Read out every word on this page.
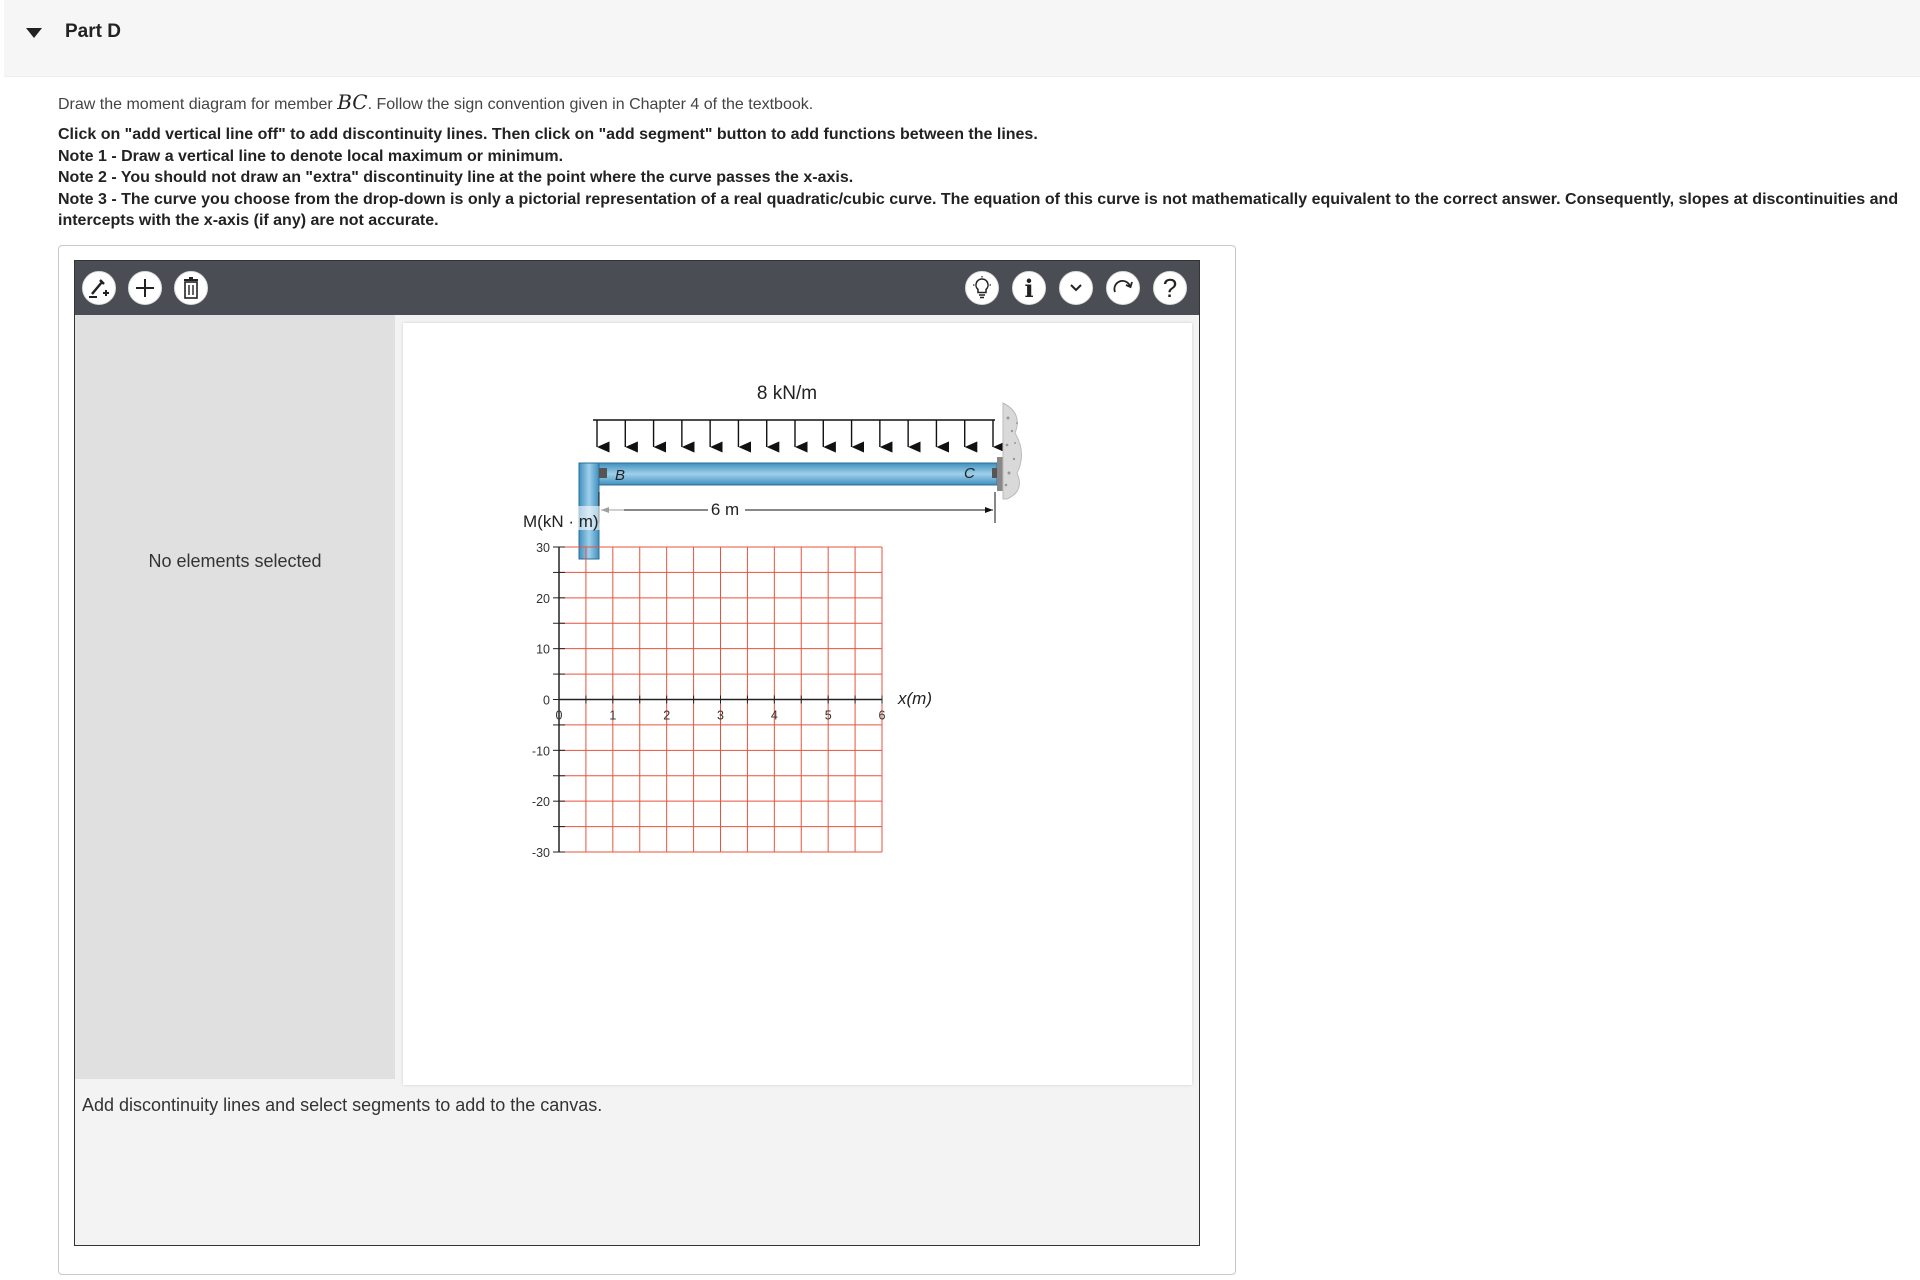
Part D
Draw the moment diagram for member BC. Follow the sign convention given in Chapter 4 of the textbook.
Click on "add vertical line off" to add discontinuity lines. Then click on "add segment" button to add functions between the lines.
Note 1 - Draw a vertical line to denote local maximum or minimum.
Note 2 - You should not draw an "extra" discontinuity line at the point where the curve passes the x-axis.
Note 3 - The curve you choose from the drop-down is only a pictorial representation of a real quadratic/cubic curve. The equation of this curve is not mathematically equivalent to the correct answer. Consequently, slopes at discontinuities and intercepts with the x-axis (if any) are not accurate.
i	?
No elements selected
8 kN/m
B	C
6 m
M(kN · m)
x(m)
30
20
10
0
-10
-20
-30
0	1	2	3	4	5	6
Add discontinuity lines and select segments to add to the canvas.
